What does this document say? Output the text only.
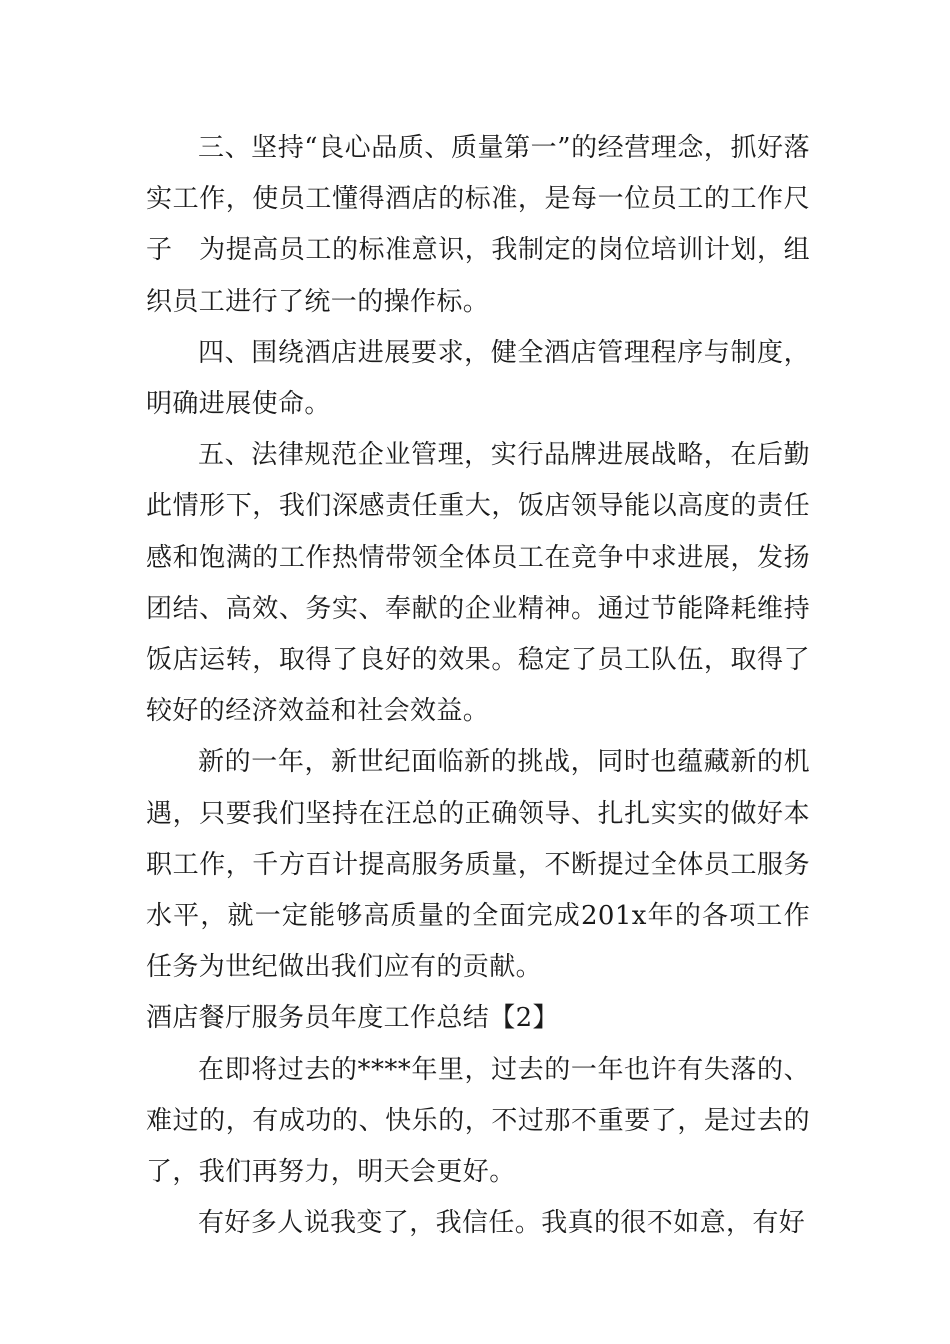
三、坚持“良心品质、质量第一”的经营理念，抓好落实工作，使员工懂得酒店的标准，是每一位员工的工作尺　子　为提高员工的标准意识，我制定的岗位培训计划，组织员工进行了统一的操作标。

四、围绕酒店进展要求，健全酒店管理程序与制度，明确进展使命。

五、法律规范企业管理，实行品牌进展战略，在后勤此情形下，我们深感责任重大，饭店领导能以高度的责任感和饱满的工作热情带领全体员工在竞争中求进展，发扬团结、高效、务实、奉献的企业精神。通过节能降耗维持饭店运转，取得了良好的效果。稳定了员工队伍，取得了较好的经济效益和社会效益。

新的一年，新世纪面临新的挑战，同时也蕴藏新的机遇，只要我们坚持在汪总的正确领导、扎扎实实的做好本职工作，千方百计提高服务质量，不断提过全体员工服务水平，就一定能够高质量的全面完成201x年的各项工作任务为世纪做出我们应有的贡献。

酒店餐厅服务员年度工作总结【2】

在即将过去的****年里，过去的一年也许有失落的、难过的，有成功的、快乐的，不过那不重要了，是过去的了，我们再努力，明天会更好。

有好多人说我变了，我信任。我真的很不如意，有好
